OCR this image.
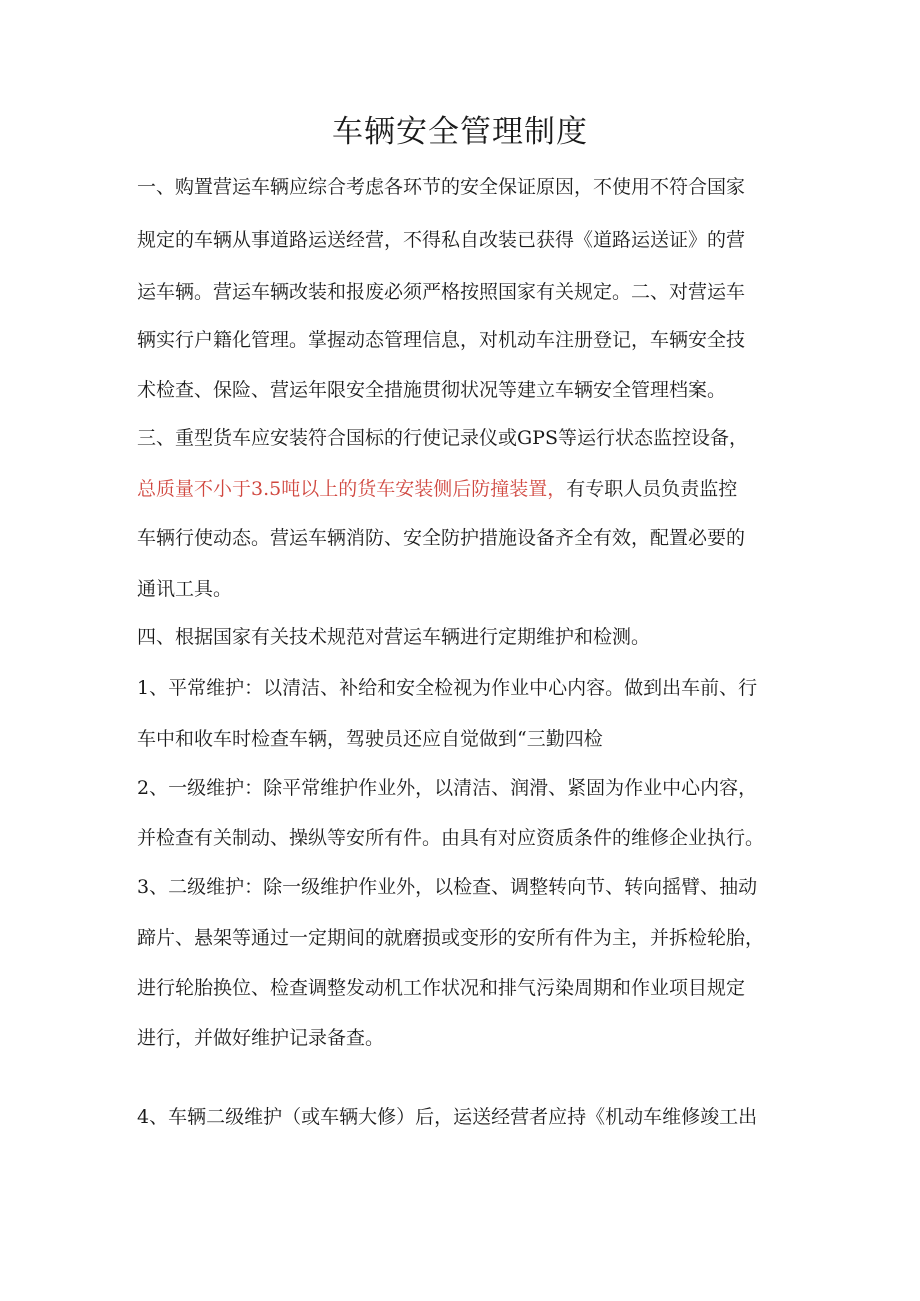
车辆安全管理制度
一、购置营运车辆应综合考虑各环节的安全保证原因，不使用不符合国家
规定的车辆从事道路运送经营，不得私自改装已获得《道路运送证》的营
运车辆。营运车辆改装和报废必须严格按照国家有关规定。二、对营运车
辆实行户籍化管理。掌握动态管理信息，对机动车注册登记，车辆安全技
术检查、保险、营运年限安全措施贯彻状况等建立车辆安全管理档案。
三、重型货车应安装符合国标的行使记录仪或GPS等运行状态监控设备，
总质量不小于3.5吨以上的货车安装侧后防撞装置，有专职人员负责监控
车辆行使动态。营运车辆消防、安全防护措施设备齐全有效，配置必要的
通讯工具。
四、根据国家有关技术规范对营运车辆进行定期维护和检测。
1、平常维护：以清洁、补给和安全检视为作业中心内容。做到出车前、行
车中和收车时检查车辆，驾驶员还应自觉做到“三勤四检
2、一级维护：除平常维护作业外，以清洁、润滑、紧固为作业中心内容，
并检查有关制动、操纵等安所有件。由具有对应资质条件的维修企业执行。
3、二级维护：除一级维护作业外，以检查、调整转向节、转向摇臂、抽动
蹄片、悬架等通过一定期间的就磨损或变形的安所有件为主，并拆检轮胎，
进行轮胎换位、检查调整发动机工作状况和排气污染周期和作业项目规定
进行，并做好维护记录备查。
4、车辆二级维护（或车辆大修）后，运送经营者应持《机动车维修竣工出
